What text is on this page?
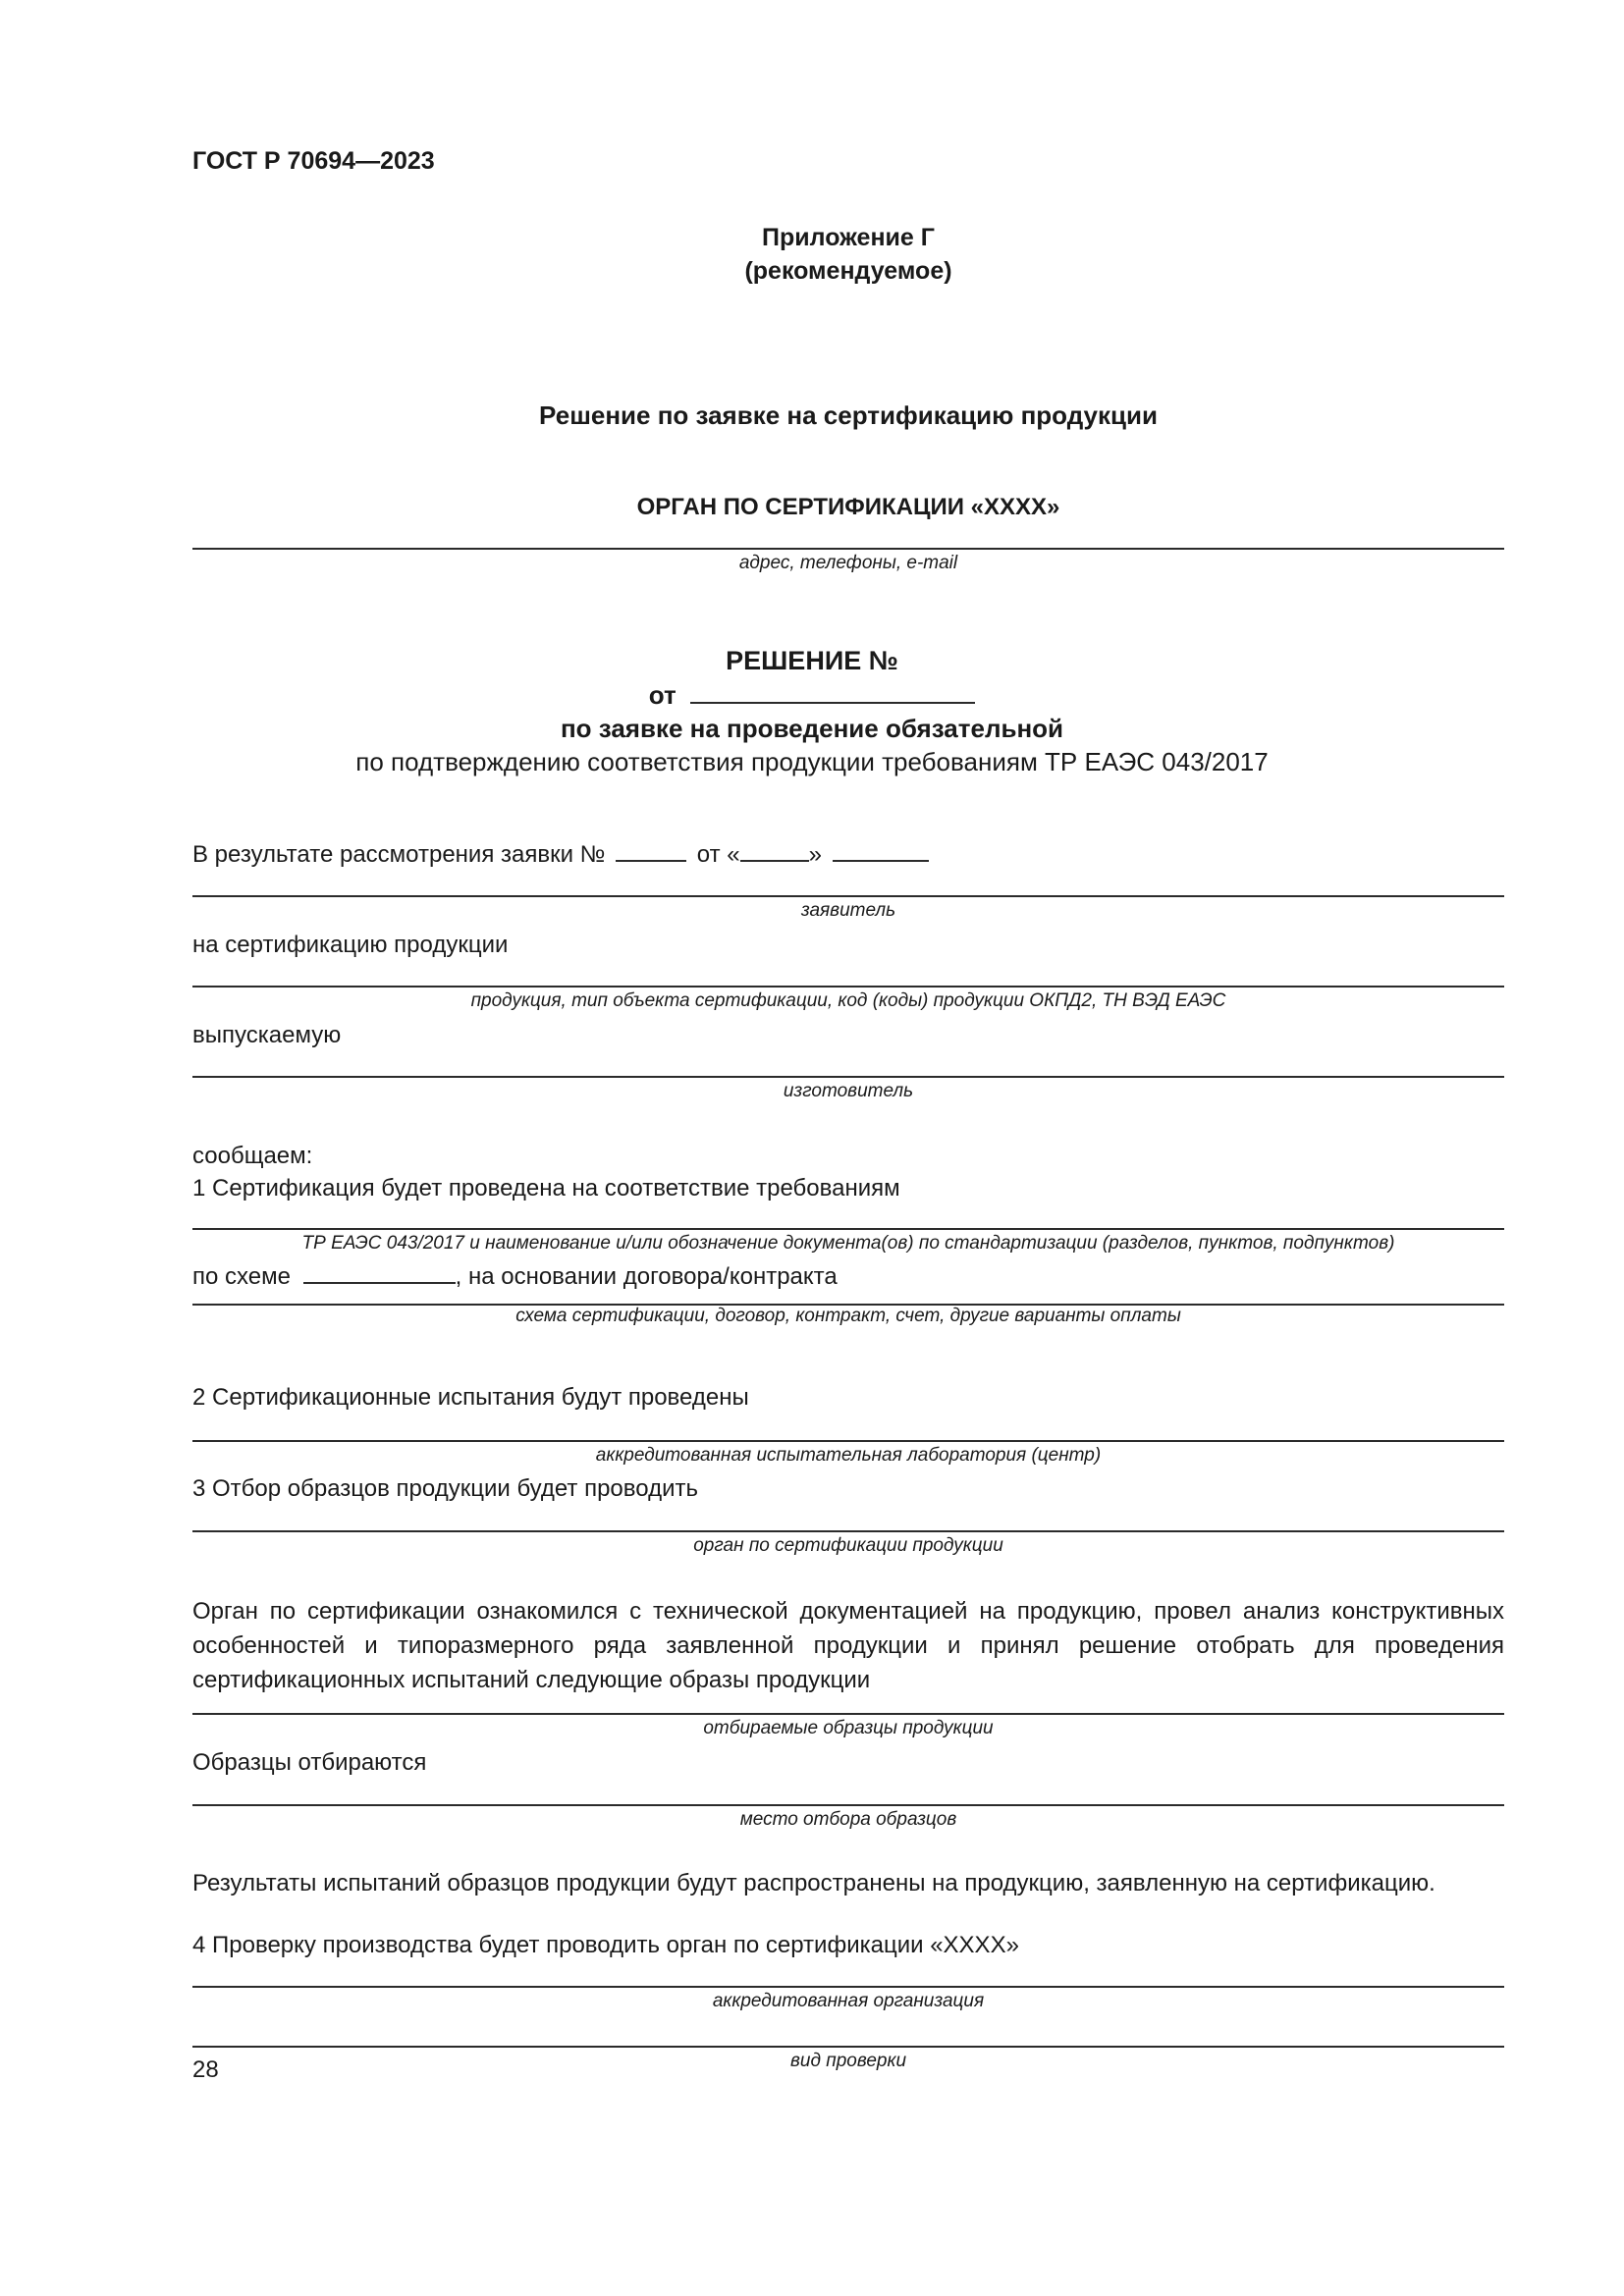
ГОСТ Р 70694—2023
Приложение Г
(рекомендуемое)
Решение по заявке на сертификацию продукции
ОРГАН ПО СЕРТИФИКАЦИИ «XXXX»
адрес, телефоны, e-mail
РЕШЕНИЕ №
от
по заявке на проведение обязательной
по подтверждению соответствия продукции требованиям ТР ЕАЭС 043/2017
В результате рассмотрения заявки №	от «	»
заявитель
на сертификацию продукции
продукция, тип объекта сертификации, код (коды) продукции ОКПД2, ТН ВЭД ЕАЭС
выпускаемую
изготовитель
сообщаем:
1 Сертификация будет проведена на соответствие требованиям
ТР ЕАЭС 043/2017 и наименование и/или обозначение документа(ов) по стандартизации (разделов, пунктов, подпунктов)
по схеме	, на основании договора/контракта
схема сертификации, договор, контракт, счет, другие варианты оплаты
2 Сертификационные испытания будут проведены
аккредитованная испытательная лаборатория (центр)
3 Отбор образцов продукции будет проводить
орган по сертификации продукции
Орган по сертификации ознакомился с технической документацией на продукцию, провел анализ конструктивных особенностей и типоразмерного ряда заявленной продукции и принял решение отобрать для проведения сертификационных испытаний следующие образы продукции
отбираемые образцы продукции
Образцы отбираются
место отбора образцов
Результаты испытаний образцов продукции будут распространены на продукцию, заявленную на сертификацию.
4 Проверку производства будет проводить орган по сертификации «XXXX»
аккредитованная организация
вид проверки
28
